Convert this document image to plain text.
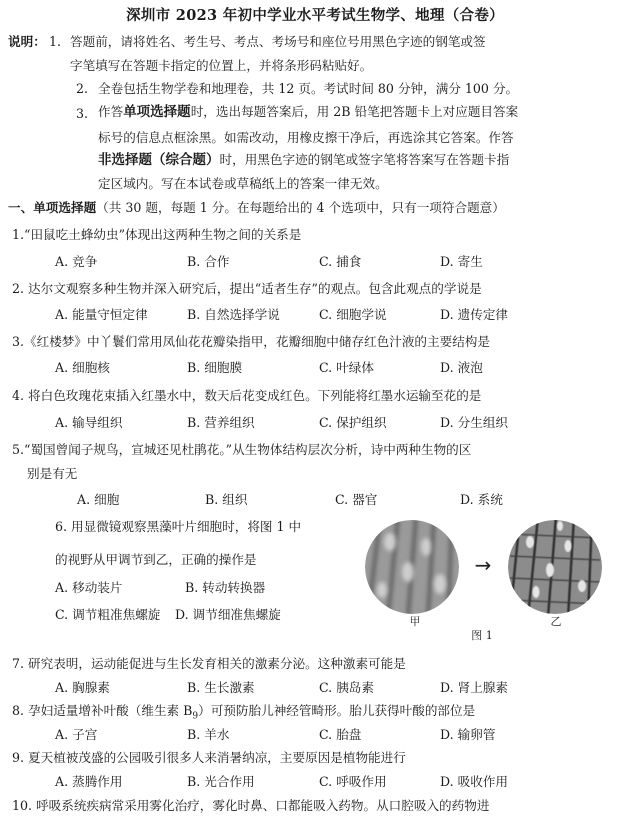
深圳市 2023 年初中学业水平考试生物学、地理（合卷）
说明： 1. 答题前，请将姓名、考生号、考点、考场号和座位号用黑色字迹的钢笔或签
字笔填写在答题卡指定的位置上，并将条形码粘贴好。
2. 全卷包括生物学卷和地理卷，共 12 页。考试时间 80 分钟，满分 100 分。
3. 作答单项选择题时，选出每题答案后，用 2B 铅笔把答题卡上对应题目答案
标号的信息点框涂黑。如需改动，用橡皮擦干净后，再选涂其它答案。作答
非选择题（综合题）时，用黑色字迹的钢笔或签字笔将答案写在答题卡指
定区域内。写在本试卷或草稿纸上的答案一律无效。
一、单项选择题（共 30 题，每题 1 分。在每题给出的 4 个选项中，只有一项符合题意）
1.“田鼠吃土蜂幼虫”体现出这两种生物之间的关系是
A. 竞争	B. 合作	C. 捕食	D. 寄生
2. 达尔文观察多种生物并深入研究后，提出“适者生存”的观点。包含此观点的学说是
A. 能量守恒定律	B. 自然选择学说	C. 细胞学说	D. 遗传定律
3.《红楼梦》中丫鬟们常用凤仙花花瓣染指甲，花瓣细胞中储存红色汁液的主要结构是
A. 细胞核	B. 细胞膜	C. 叶绿体	D. 液泡
4. 将白色玫瑰花束插入红墨水中，数天后花变成红色。下列能将红墨水运输至花的是
A. 输导组织	B. 营养组织	C. 保护组织	D. 分生组织
5.“蜀国曾闻子规鸟，宣城还见杜鹃花。”从生物体结构层次分析，诗中两种生物的区
别是有无
A. 细胞	B. 组织	C. 器官	D. 系统
6. 用显微镜观察黑藻叶片细胞时，将图 1 中
的视野从甲调节到乙，正确的操作是
A. 移动装片	B. 转动转换器
C. 调节粗准焦螺旋 D. 调节细准焦螺旋
→
甲	乙
图 1
7. 研究表明，运动能促进与生长发育相关的激素分泌。这种激素可能是
A. 胸腺素	B. 生长激素	C. 胰岛素	D. 肾上腺素
8. 孕妇适量增补叶酸（维生素 $B_9$）可预防胎儿神经管畸形。胎儿获得叶酸的部位是
A. 子宫	B. 羊水	C. 胎盘	D. 输卵管
9. 夏天植被茂盛的公园吸引很多人来消暑纳凉，主要原因是植物能进行
A. 蒸腾作用	B. 光合作用	C. 呼吸作用	D. 吸收作用
10. 呼吸系统疾病常采用雾化治疗，雾化时鼻、口都能吸入药物。从口腔吸入的药物进
